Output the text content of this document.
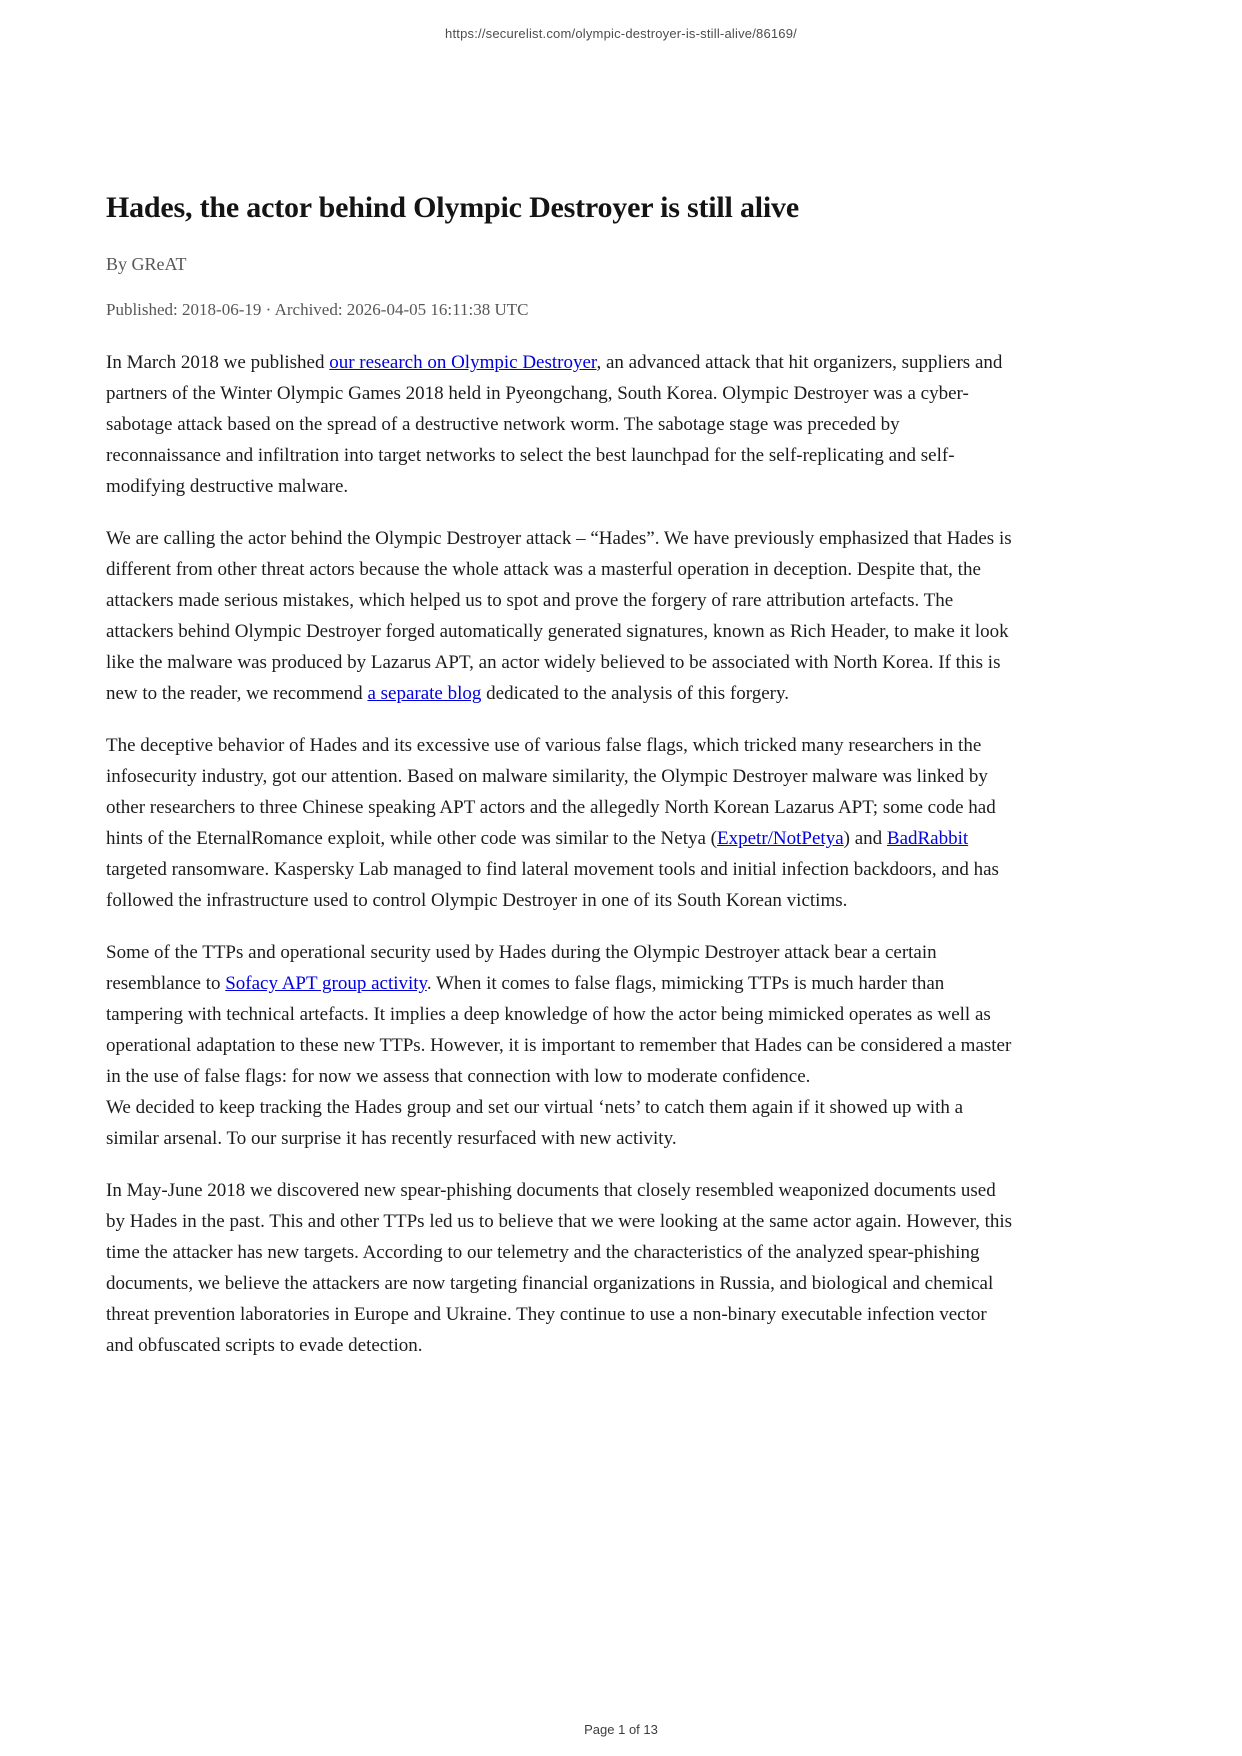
https://securelist.com/olympic-destroyer-is-still-alive/86169/
Hades, the actor behind Olympic Destroyer is still alive
By GReAT
Published: 2018-06-19 · Archived: 2026-04-05 16:11:38 UTC

In March 2018 we published our research on Olympic Destroyer, an advanced attack that hit organizers, suppliers and partners of the Winter Olympic Games 2018 held in Pyeongchang, South Korea. Olympic Destroyer was a cyber-sabotage attack based on the spread of a destructive network worm. The sabotage stage was preceded by reconnaissance and infiltration into target networks to select the best launchpad for the self-replicating and self-modifying destructive malware.

We are calling the actor behind the Olympic Destroyer attack – “Hades”. We have previously emphasized that Hades is different from other threat actors because the whole attack was a masterful operation in deception. Despite that, the attackers made serious mistakes, which helped us to spot and prove the forgery of rare attribution artefacts. The attackers behind Olympic Destroyer forged automatically generated signatures, known as Rich Header, to make it look like the malware was produced by Lazarus APT, an actor widely believed to be associated with North Korea. If this is new to the reader, we recommend a separate blog dedicated to the analysis of this forgery.

The deceptive behavior of Hades and its excessive use of various false flags, which tricked many researchers in the infosecurity industry, got our attention. Based on malware similarity, the Olympic Destroyer malware was linked by other researchers to three Chinese speaking APT actors and the allegedly North Korean Lazarus APT; some code had hints of the EternalRomance exploit, while other code was similar to the Netya (Expetr/NotPetya) and BadRabbit targeted ransomware. Kaspersky Lab managed to find lateral movement tools and initial infection backdoors, and has followed the infrastructure used to control Olympic Destroyer in one of its South Korean victims.

Some of the TTPs and operational security used by Hades during the Olympic Destroyer attack bear a certain resemblance to Sofacy APT group activity. When it comes to false flags, mimicking TTPs is much harder than tampering with technical artefacts. It implies a deep knowledge of how the actor being mimicked operates as well as operational adaptation to these new TTPs. However, it is important to remember that Hades can be considered a master in the use of false flags: for now we assess that connection with low to moderate confidence.
We decided to keep tracking the Hades group and set our virtual ‘nets’ to catch them again if it showed up with a similar arsenal. To our surprise it has recently resurfaced with new activity.

In May-June 2018 we discovered new spear-phishing documents that closely resembled weaponized documents used by Hades in the past. This and other TTPs led us to believe that we were looking at the same actor again. However, this time the attacker has new targets. According to our telemetry and the characteristics of the analyzed spear-phishing documents, we believe the attackers are now targeting financial organizations in Russia, and biological and chemical threat prevention laboratories in Europe and Ukraine. They continue to use a non-binary executable infection vector and obfuscated scripts to evade detection.

Page 1 of 13
